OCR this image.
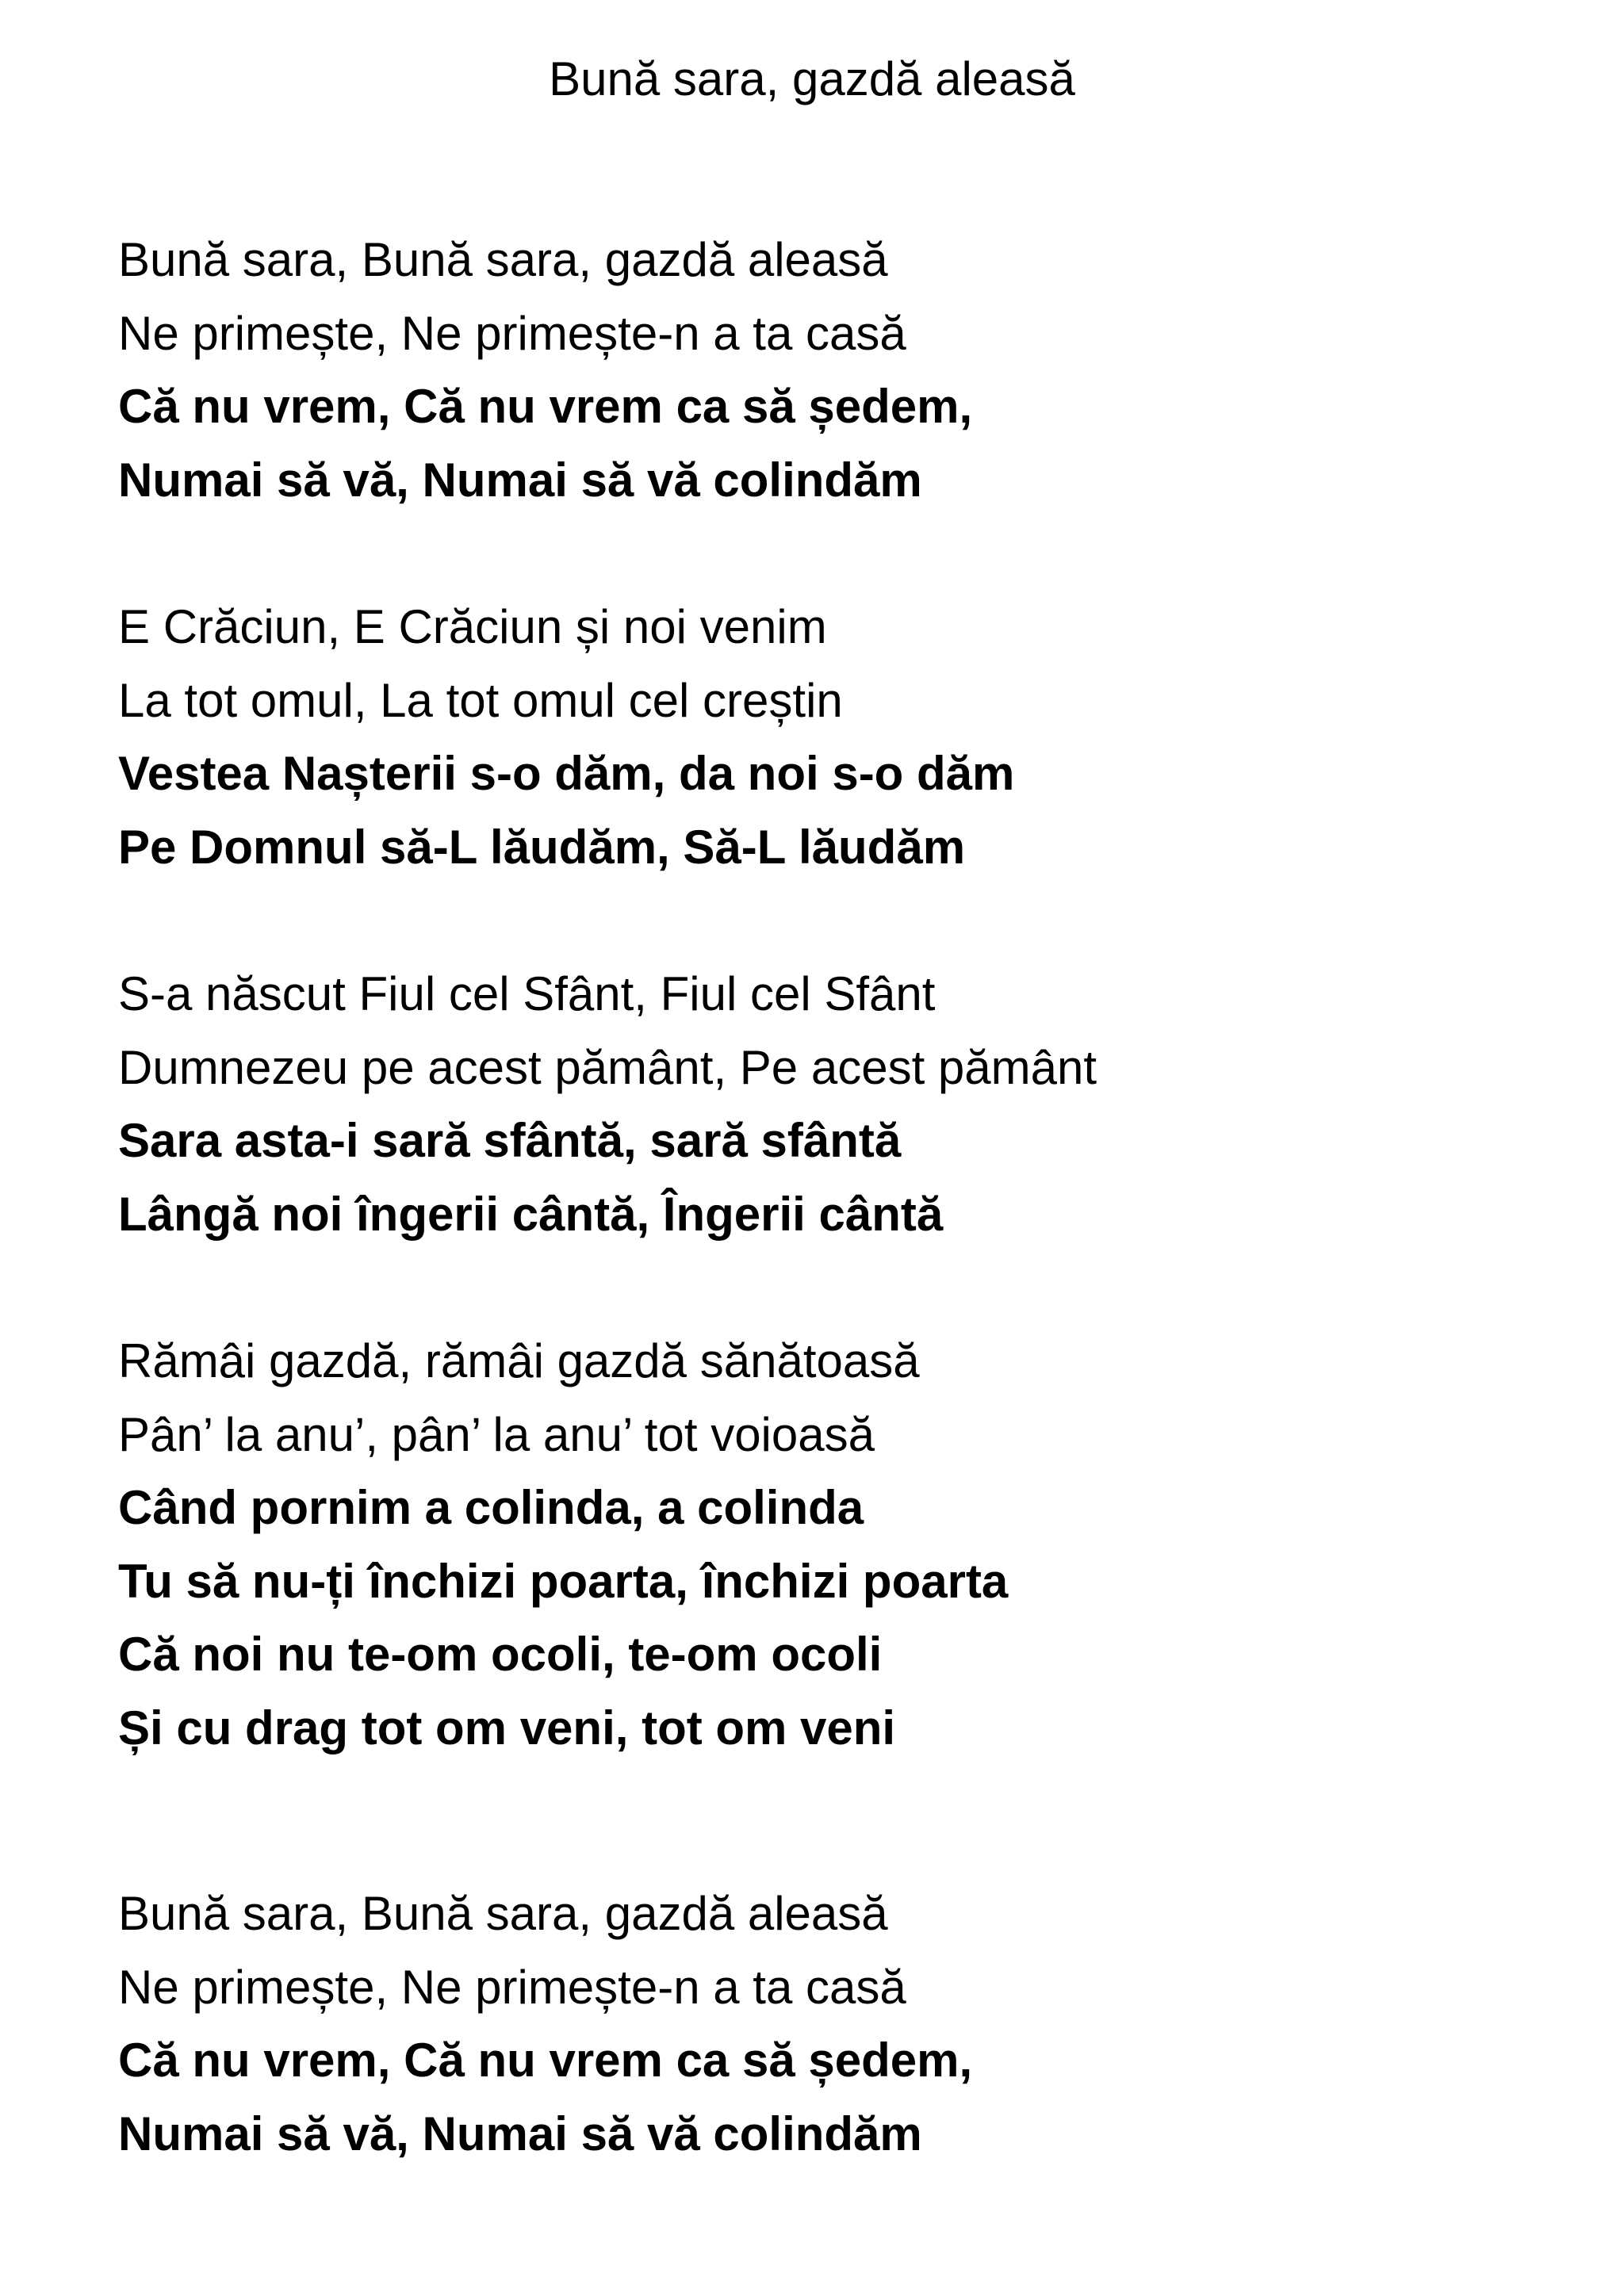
Bună sara, gazdă aleasă
Bună sara, Bună sara, gazdă aleasă
Ne primește, Ne primește-n a ta casă
Că nu vrem, Că nu vrem ca să ședem,
Numai să vă, Numai să vă colindăm
E Crăciun, E Crăciun și noi venim
La tot omul, La tot omul cel creștin
Vestea Nașterii s-o dăm, da noi s-o dăm
Pe Domnul să-L lăudăm, Să-L lăudăm
S-a născut Fiul cel Sfânt, Fiul cel Sfânt
Dumnezeu pe acest pământ, Pe acest pământ
Sara asta-i sară sfântă, sară sfântă
Lângă noi îngerii cântă, Îngerii cântă
Rămâi gazdă, rămâi gazdă sănătoasă
Pân’ la anu’, pân’ la anu’ tot voioasă
Când pornim a colinda, a colinda
Tu să nu-ți închizi poarta, închizi poarta
Că noi nu te-om ocoli, te-om ocoli
Și cu drag tot om veni, tot om veni
Bună sara, Bună sara, gazdă aleasă
Ne primește, Ne primește-n a ta casă
Că nu vrem, Că nu vrem ca să ședem,
Numai să vă, Numai să vă colindăm
